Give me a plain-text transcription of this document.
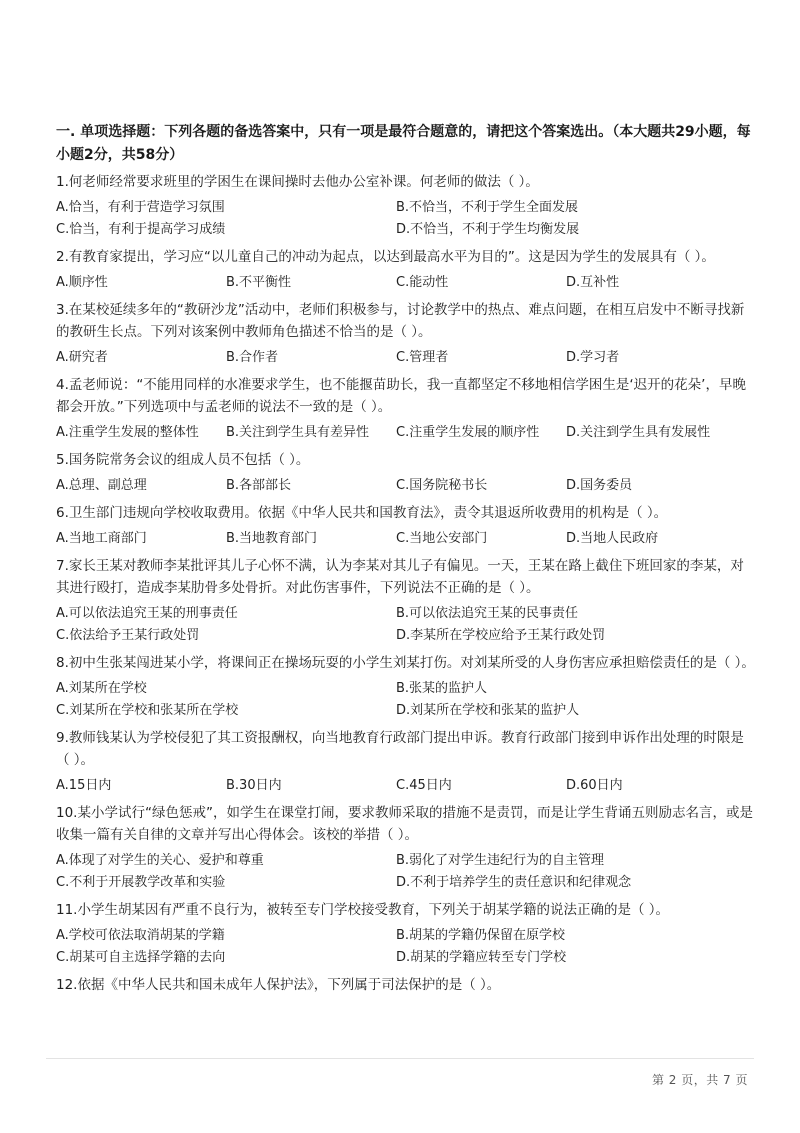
一. 单项选择题：下列各题的备选答案中，只有一项是最符合题意的，请把这个答案选出。（本大题共29小题，每小题2分，共58分）
1.何老师经常要求班里的学困生在课间操时去他办公室补课。何老师的做法（ ）。
A.恰当，有利于营造学习氛围	B.不恰当，不利于学生全面发展
C.恰当，有利于提高学习成绩	D.不恰当，不利于学生均衡发展
2.有教育家提出，学习应“以儿童自己的冲动为起点，以达到最高水平为目的”。这是因为学生的发展具有（ ）。
A.顺序性	B.不平衡性	C.能动性	D.互补性
3.在某校延续多年的“教研沙龙”活动中，老师们积极参与，讨论教学中的热点、难点问题，在相互启发中不断寻找新的教研生长点。下列对该案例中教师角色描述不恰当的是（ ）。
A.研究者	B.合作者	C.管理者	D.学习者
4.孟老师说：“不能用同样的水准要求学生，也不能揠苗助长，我一直都坚定不移地相信学困生是‘迟开的花朵’，早晚都会开放。”下列选项中与孟老师的说法不一致的是（ ）。
A.注重学生发展的整体性	B.关注到学生具有差异性	C.注重学生发展的顺序性	D.关注到学生具有发展性
5.国务院常务会议的组成人员不包括（ ）。
A.总理、副总理	B.各部部长	C.国务院秘书长	D.国务委员
6.卫生部门违规向学校收取费用。依据《中华人民共和国教育法》，责令其退返所收费用的机构是（ ）。
A.当地工商部门	B.当地教育部门	C.当地公安部门	D.当地人民政府
7.家长王某对教师李某批评其儿子心怀不满，认为李某对其儿子有偏见。一天，王某在路上截住下班回家的李某，对其进行殴打，造成李某肋骨多处骨折。对此伤害事件，下列说法不正确的是（ ）。
A.可以依法追究王某的刑事责任	B.可以依法追究王某的民事责任
C.依法给予王某行政处罚	D.李某所在学校应给予王某行政处罚
8.初中生张某闯进某小学，将课间正在操场玩耍的小学生刘某打伤。对刘某所受的人身伤害应承担赔偿责任的是（ ）。
A.刘某所在学校	B.张某的监护人
C.刘某所在学校和张某所在学校	D.刘某所在学校和张某的监护人
9.教师钱某认为学校侵犯了其工资报酬权，向当地教育行政部门提出申诉。教育行政部门接到申诉作出处理的时限是（ ）。
A.15日内	B.30日内	C.45日内	D.60日内
10.某小学试行“绿色惩戒”，如学生在课堂打闹，要求教师采取的措施不是责罚，而是让学生背诵五则励志名言，或是收集一篇有关自律的文章并写出心得体会。该校的举措（ ）。
A.体现了对学生的关心、爱护和尊重	B.弱化了对学生违纪行为的自主管理
C.不利于开展教学改革和实验	D.不利于培养学生的责任意识和纪律观念
11.小学生胡某因有严重不良行为，被转至专门学校接受教育，下列关于胡某学籍的说法正确的是（ ）。
A.学校可依法取消胡某的学籍	B.胡某的学籍仍保留在原学校
C.胡某可自主选择学籍的去向	D.胡某的学籍应转至专门学校
12.依据《中华人民共和国未成年人保护法》，下列属于司法保护的是（ ）。
第 2 页，共 7 页
